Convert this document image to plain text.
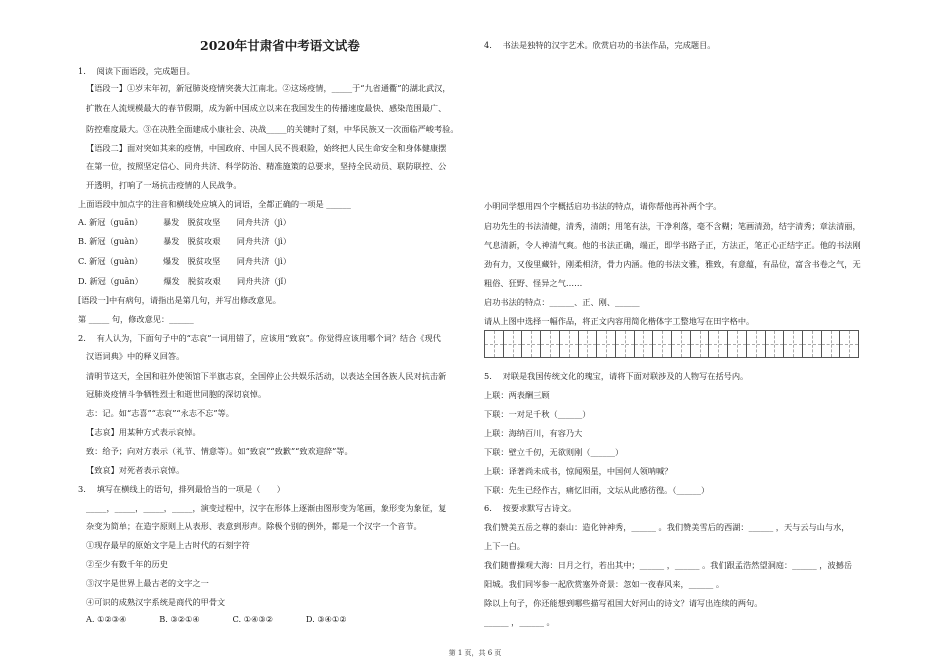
2020年甘肃省中考语文试卷
1.　 阅读下面语段，完成题目。
【语段一】①岁末年初，新冠肺炎疫情突袭大江南北。②这场疫情，_____于“九省通衢”的湖北武汉，
扩散在人流规模最大的春节假期，成为新中国成立以来在我国发生的传播速度最快、感染范围最广、
防控难度最大。③在决胜全面建成小康社会、决战_____的关键时了刻，中华民族又一次面临严峻考验。
【语段二】面对突如其来的疫情，中国政府、中国人民不畏艰险，始终把人民生命安全和身体健康摆
在第一位，按照坚定信心、同舟共济、科学防治、精准施策的总要求，坚持全民动员、联防联控、公
开透明，打响了一场抗击疫情的人民战争。
上面语段中加点字的注音和横线处应填入的词语，全都正确的一项是 ______
A. 新冠（guān）　　　暴发　脱贫攻坚　　同舟共济（jì）
B. 新冠（guàn）　　　暴发　脱贫攻艰　　同舟共济（jì）
C. 新冠（guàn）　　　爆发　脱贫攻坚　　同舟共济（jì）
D. 新冠（guān）　　　爆发　脱贫攻艰　　同舟共济（jǐ）
[语段一]中有病句，请指出是第几句，并写出修改意见。
第 _____ 句，修改意见：______
2.　 有人认为，下面句子中的“志哀”一词用错了，应该用“致哀”。你觉得应该用哪个词？结合《现代
汉语词典》中的释义回答。
清明节这天，全国和驻外使领馆下半旗志哀，全国停止公共娱乐活动，以表达全国各族人民对抗击新
冠肺炎疫情斗争牺牲烈士和逝世同胞的深切哀悼。
志：记。如“志喜”“志哀”“永志不忘”等。
【志哀】用某种方式表示哀悼。
致：给予；向对方表示（礼节、情意等）。如“致哀”“致歉”“致欢迎辞”等。
【致哀】对死者表示哀悼。
3.　 填写在横线上的语句，排列最恰当的一项是（　　）
_____，_____，_____，_____，演变过程中，汉字在形体上逐渐由图形变为笔画，象形变为象征，复
杂变为简单；在造字原则上从表形、表意到形声。除极个别的例外，都是一个汉字一个音节。
①现存最早的原始文字是上古时代的石刻字符
②至少有数千年的历史
③汉字是世界上最古老的文字之一
④可识的成熟汉字系统是商代的甲骨文
A. ①②③④　　　　B. ③②①④　　　　C. ①④③②　　　　D. ③④①②
4.　 书法是独特的汉字艺术。欣赏启功的书法作品，完成题目。
小明同学想用四个字概括启功书法的特点，请你帮他再补两个字。
启功先生的书法清健，清秀，清朗；用笔有法，干净利落，毫不含糊；笔画清劲，结字清秀；章法清丽，
气息清新，令人神清气爽。他的书法正确，端正，即学书路子正，方法正，笔正心正结字正。他的书法刚
劲有力，又俊里藏针，刚柔相济，骨力内涵。他的书法文雅，雅致，有意蕴，有品位，富含书卷之气，无
粗俗、狂野、怪异之气……
启功书法的特点：______、正、刚、______
请从上图中选择一幅作品，将正文内容用简化楷体字工整地写在田字格中。
5.　 对联是我国传统文化的瑰宝，请将下面对联涉及的人物写在括号内。
上联：两表酬三顾
下联：一对足千秋（______）
上联：海纳百川，有容乃大
下联：壁立千仞，无欲则刚（______）
上联：译著尚未成书，惊闻殒星，中国何人领呐喊？
下联：先生已经作古，痛忆旧雨，文坛从此感彷徨。（______）
6.　 按要求默写古诗文。
我们赞美五岳之尊的泰山：造化钟神秀，______ 。我们赞美雪后的西湖：______ ，天与云与山与水，
上下一白。
我们随曹操观大海：日月之行，若出其中；______ ，______ 。我们跟孟浩然望洞庭：______ ，波撼岳
阳城。我们同岑参一起欣赏塞外奇景：忽如一夜春风来，______ 。
除以上句子，你还能想到哪些描写祖国大好河山的诗文？请写出连续的两句。
______ ，______ 。
第 1 页，共 6 页
